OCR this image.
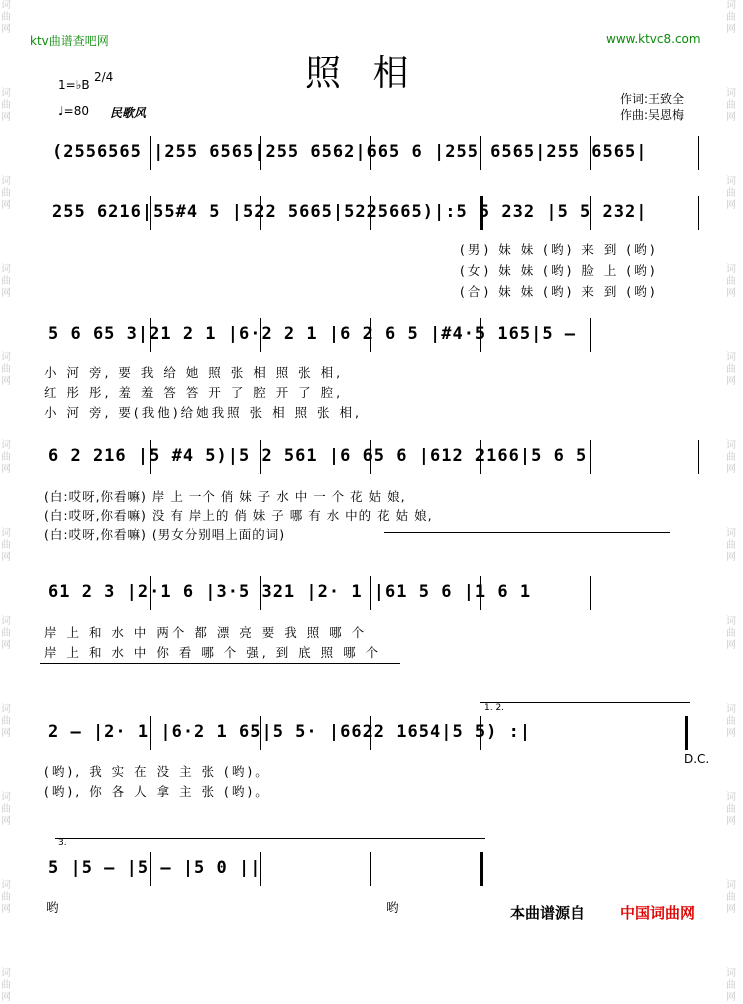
词曲网
词曲网
词曲网
词曲网
词曲网
词曲网
词曲网
词曲网
词曲网
词曲网
词曲网
词曲网
词曲网
词曲网
词曲网
词曲网
词曲网
词曲网
词曲网
词曲网
词曲网
词曲网
词曲网
词曲网
ktv曲谱查吧网	www.ktvc8.com
照 相
1=♭B
2/4
♩=80 民歌风
作词:王致全
作曲:吴恩梅
(2556565 |255 6565|255 6562|665 6 |255 6565|255 6565|
255 6216|55#4 5 |522 5665|5225665)|:5 5 232 |5 5 232|
(男) 妹 妹 (哟) 来 到 (哟)
(女) 妹 妹 (哟) 脸 上 (哟)
(合) 妹 妹 (哟) 来 到 (哟)
5 6 65 3|21 2 1 |6·2 2 1 |6 2 6 5 |#4·5 165|5 –
小 河 旁, 要 我 给 她 照 张 相 照 张 相,
红 彤 彤, 羞 羞 答 答 开 了 腔 开 了 腔,
小 河 旁, 要(我他)给她我照 张 相 照 张 相,
6 2 216 |5 #4 5)|5 2 561 |6 65 6 |612 2166|5 6 5
(白:哎呀,你看嘛) 岸 上 一个 俏 妹 子 水 中 一 个 花 姑 娘,
(白:哎呀,你看嘛) 没 有 岸上的 俏 妹 子 哪 有 水 中的 花 姑 娘,
(白:哎呀,你看嘛) (男女分别唱上面的词)
61 2 3 |2·1 6 |3·5 321 |2· 1 |61 5 6 |1 6 1
岸 上 和 水 中 两个 都 漂 亮 要 我 照 哪 个
岸 上 和 水 中 你 看 哪 个 强, 到 底 照 哪 个
2 – |2· 1 |6·2 1 65|5 5· |6622 1654|5 5) :|
1. 2.
D.C.
(哟), 我 实 在 没 主 张 (哟)。
(哟), 你 各 人 拿 主 张 (哟)。
3.
5 |5 – |5 – |5 0 ||
哟	哟	本曲谱源自 中国词曲网
